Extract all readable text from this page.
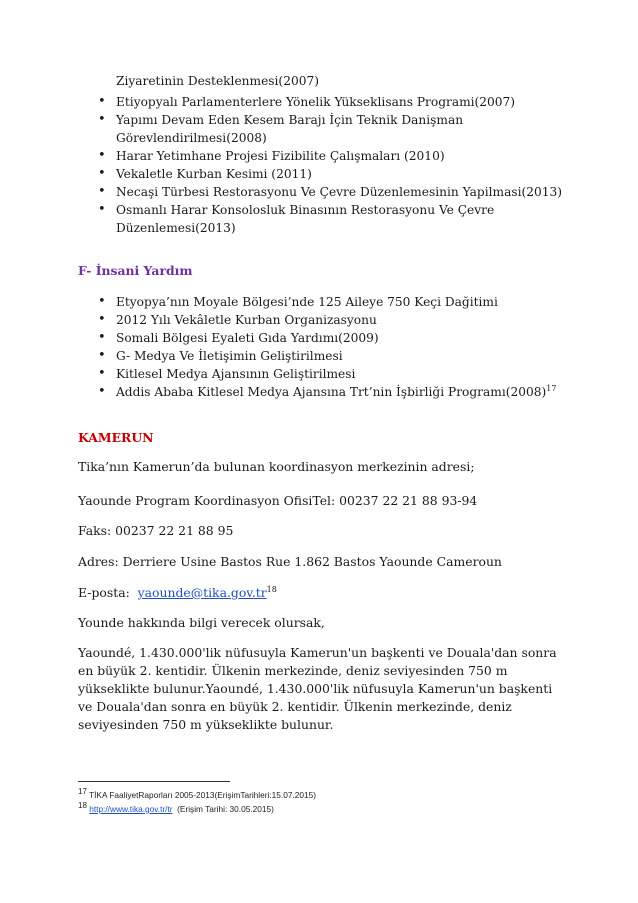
Ziyaretinin Desteklenmesi(2007)
• Etiyopyalı Parlamenterlere Yönelik Yükseklisans Programi(2007)
• Yapımı Devam Eden Kesem Barajı İçin Teknik Danişman Görevlendirilmesi(2008)
• Harar Yetimhane Projesi Fizibilite Çalışmaları (2010)
• Vekaletle Kurban Kesimi (2011)
• Necaşi Türbesi Restorasyonu Ve Çevre Düzenlemesinin Yapilmasi(2013)
• Osmanlı Harar Konsolosluk Binasının Restorasyonu Ve Çevre Düzenlemesi(2013)
F- İnsani Yardım
• Etyopya’nın Moyale Bölgesi’nde 125 Aileye 750 Keçi Dağitimi
• 2012 Yılı Vekâletle Kurban Organizasyonu
• Somali Bölgesi Eyaleti Gıda Yardımı(2009)
• G- Medya Ve İletişimin Geliştirilmesi
• Kitlesel Medya Ajansının Geliştirilmesi
• Addis Ababa Kitlesel Medya Ajansına Trt’nin İşbirliği $Programı(2008)^{17}$
KAMERUN
Tika’nın Kamerun’da bulunan koordinasyon merkezinin adresi;
Yaounde Program Koordinasyon OfisiTel: 00237 22 21 88 93-94
Faks: 00237 22 21 88 95
Adres: Derriere Usine Bastos Rue 1.862 Bastos Yaounde Cameroun
E-posta: $yaounde@tika.gov.tr^{18}$
Younde hakkında bilgi verecek olursak,
Yaoundé, 1.430.000'lik nüfusuyla Kamerun'un başkenti ve Douala'dan sonra en büyük 2. kentidir. Ülkenin merkezinde, deniz seviyesinden 750 m yükseklikte bulunur.Yaoundé, 1.430.000'lik nüfusuyla Kamerun'un başkenti ve Douala'dan sonra en büyük 2. kentidir. Ülkenin merkezinde, deniz seviyesinden 750 m yükseklikte bulunur.
$^{17}$ TİKA FaaliyetRaporları 2005-2013(ErişimTarihleri:15.07.2015)
$^{18}$ http://www.tika.gov.tr/tr (Erişim Tarihi: 30.05.2015)
